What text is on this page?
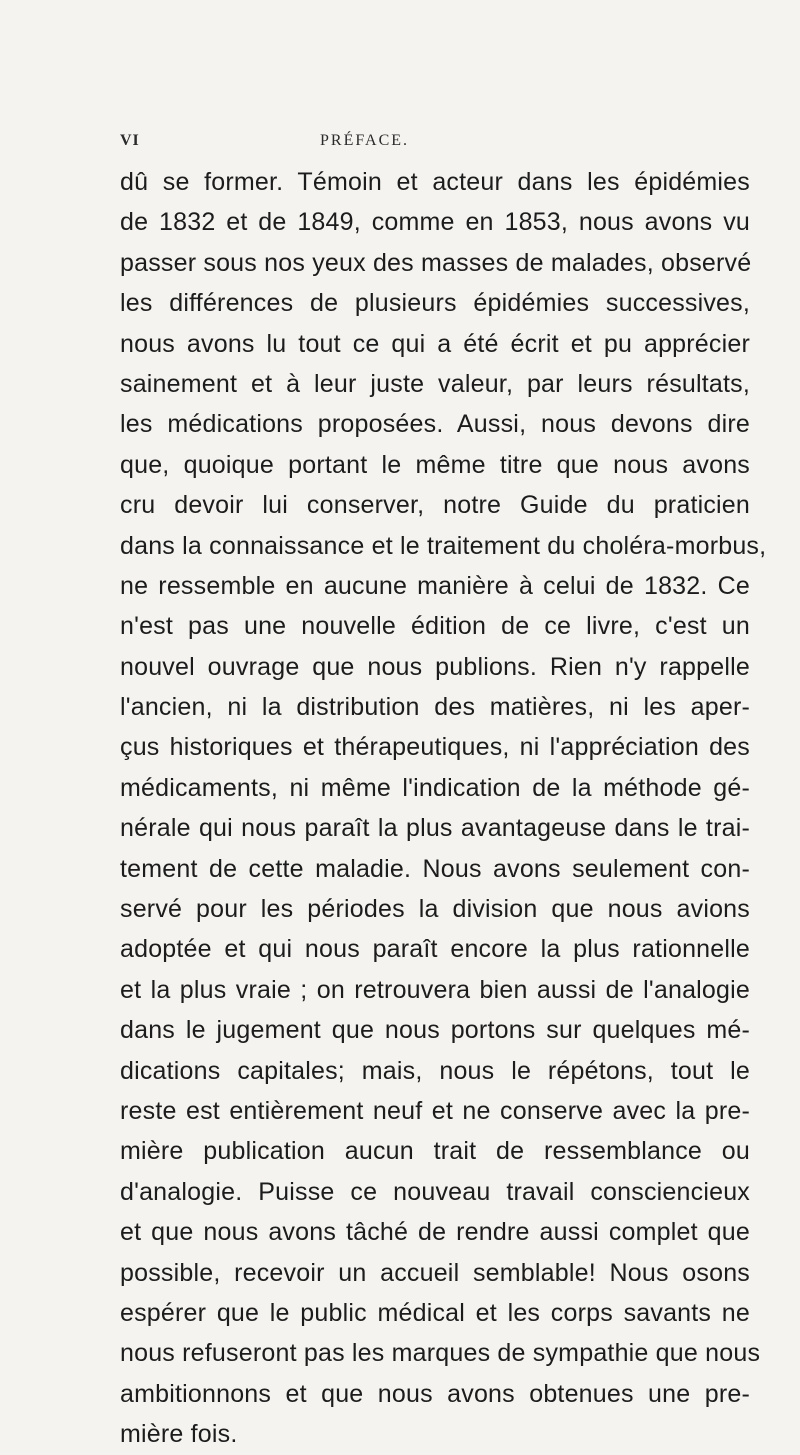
VI	PRÉFACE.
dû se former. Témoin et acteur dans les épidémies
de 1832 et de 1849, comme en 1853, nous avons vu
passer sous nos yeux des masses de malades, observé
les différences de plusieurs épidémies successives,
nous avons lu tout ce qui a été écrit et pu apprécier
sainement et à leur juste valeur, par leurs résultats,
les médications proposées. Aussi, nous devons dire
que, quoique portant le même titre que nous avons
cru devoir lui conserver, notre Guide du praticien
dans la connaissance et le traitement du choléra-morbus,
ne ressemble en aucune manière à celui de 1832. Ce
n'est pas une nouvelle édition de ce livre, c'est un
nouvel ouvrage que nous publions. Rien n'y rappelle
l'ancien, ni la distribution des matières, ni les aper-
çus historiques et thérapeutiques, ni l'appréciation des
médicaments, ni même l'indication de la méthode gé-
nérale qui nous paraît la plus avantageuse dans le trai-
tement de cette maladie. Nous avons seulement con-
servé pour les périodes la division que nous avions
adoptée et qui nous paraît encore la plus rationnelle
et la plus vraie ; on retrouvera bien aussi de l'analogie
dans le jugement que nous portons sur quelques mé-
dications capitales; mais, nous le répétons, tout le
reste est entièrement neuf et ne conserve avec la pre-
mière publication aucun trait de ressemblance ou
d'analogie. Puisse ce nouveau travail consciencieux
et que nous avons tâché de rendre aussi complet que
possible, recevoir un accueil semblable! Nous osons
espérer que le public médical et les corps savants ne
nous refuseront pas les marques de sympathie que nous
ambitionnons et que nous avons obtenues une pre-
mière fois.
